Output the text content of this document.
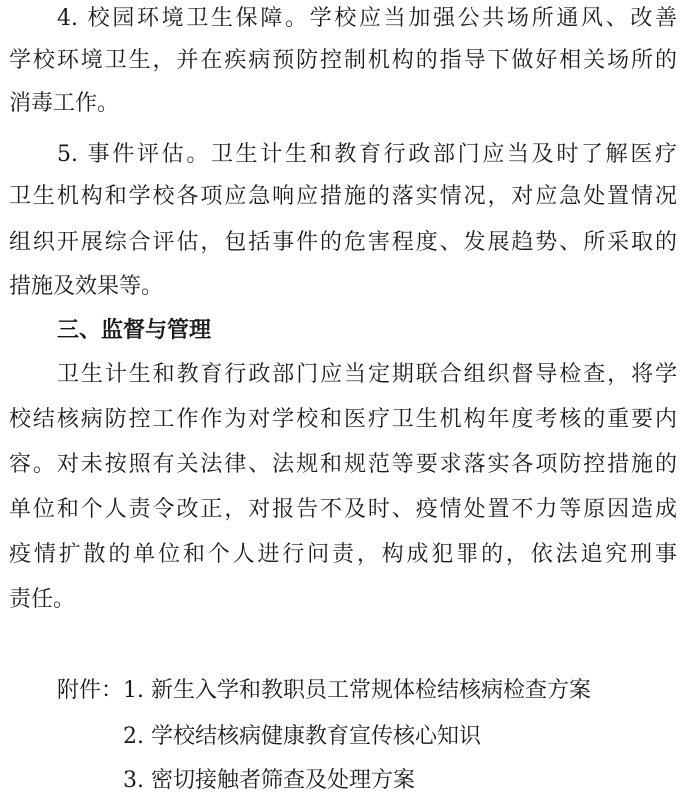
4. 校园环境卫生保障。学校应当加强公共场所通风、改善
学校环境卫生，并在疾病预防控制机构的指导下做好相关场所的
消毒工作。
5. 事件评估。卫生计生和教育行政部门应当及时了解医疗
卫生机构和学校各项应急响应措施的落实情况，对应急处置情况
组织开展综合评估，包括事件的危害程度、发展趋势、所采取的
措施及效果等。
三、监督与管理
卫生计生和教育行政部门应当定期联合组织督导检查，将学
校结核病防控工作作为对学校和医疗卫生机构年度考核的重要内
容。对未按照有关法律、法规和规范等要求落实各项防控措施的
单位和个人责令改正，对报告不及时、疫情处置不力等原因造成
疫情扩散的单位和个人进行问责，构成犯罪的，依法追究刑事
责任。
附件： 1. 新生入学和教职员工常规体检结核病检查方案
2. 学校结核病健康教育宣传核心知识
3. 密切接触者筛查及处理方案
